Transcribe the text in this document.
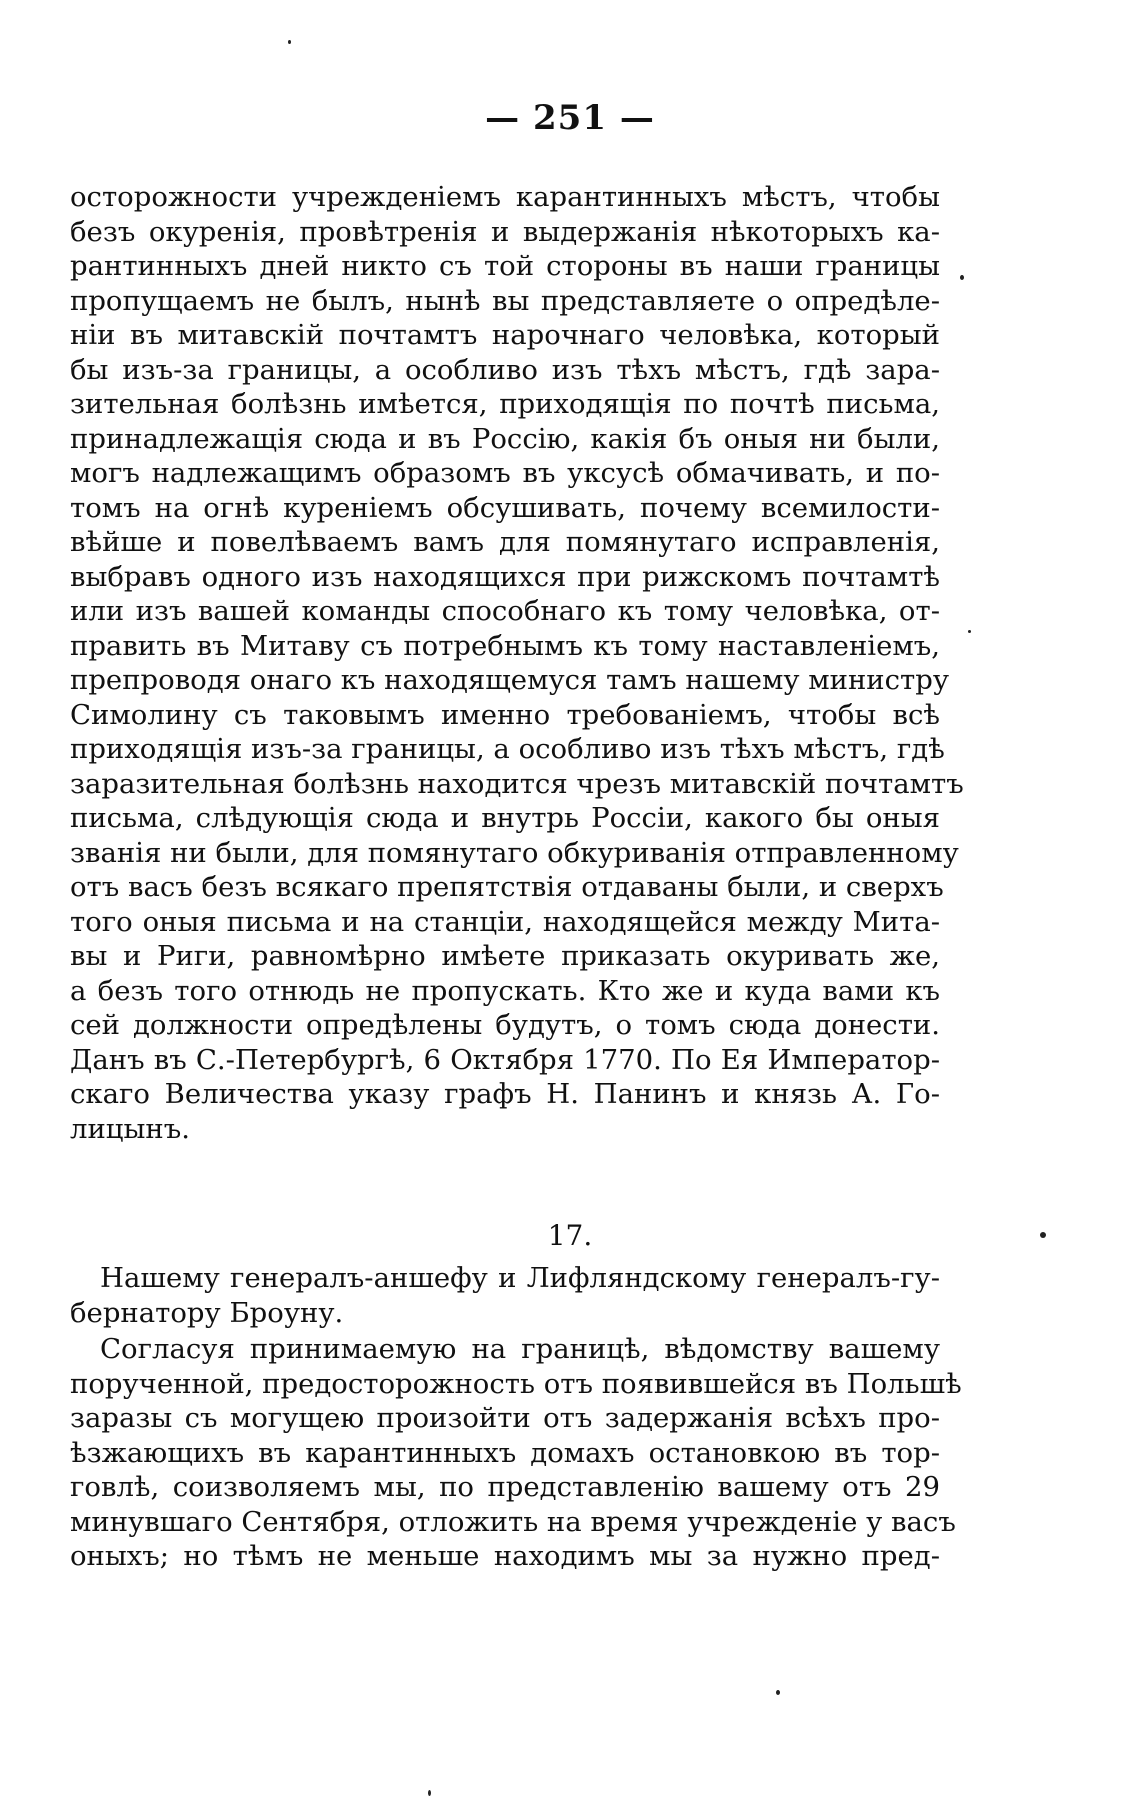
— 251 —
осторожности учрежденіемъ карантинныхъ мѣстъ, чтобы
безъ окуренія, провѣтренія и выдержанія нѣкоторыхъ ка-
рантинныхъ дней никто съ той стороны въ наши границы
пропущаемъ не былъ, нынѣ вы представляете о опредѣле-
ніи въ митавскій почтамтъ нарочнаго человѣка, который
бы изъ-за границы, а особливо изъ тѣхъ мѣстъ, гдѣ зара-
зительная болѣзнь имѣется, приходящія по почтѣ письма,
принадлежащія сюда и въ Россію, какія бъ оныя ни были,
могъ надлежащимъ образомъ въ уксусѣ обмачивать, и по-
томъ на огнѣ куреніемъ обсушивать, почему всемилости-
вѣйше и повелѣваемъ вамъ для помянутаго исправленія,
выбравъ одного изъ находящихся при рижскомъ почтамтѣ
или изъ вашей команды способнаго къ тому человѣка, от-
править въ Митаву съ потребнымъ къ тому наставленіемъ,
препроводя онаго къ находящемуся тамъ нашему министру
Симолину съ таковымъ именно требованіемъ, чтобы всѣ
приходящія изъ-за границы, а особливо изъ тѣхъ мѣстъ, гдѣ
заразительная болѣзнь находится чрезъ митавскій почтамтъ
письма, слѣдующія сюда и внутрь Россіи, какого бы оныя
званія ни были, для помянутаго обкуриванія отправленному
отъ васъ безъ всякаго препятствія отдаваны были, и сверхъ
того оныя письма и на станціи, находящейся между Мита-
вы и Риги, равномѣрно имѣете приказать окуривать же,
а безъ того отнюдь не пропускать. Кто же и куда вами къ
сей должности опредѣлены будутъ, о томъ сюда донести.
Данъ въ С.-Петербургѣ, 6 Октября 1770. По Ея Император-
скаго Величества указу графъ Н. Панинъ и князь А. Го-
лицынъ.
17.
Нашему генералъ-аншефу и Лифляндскому генералъ-гу-
бернатору Броуну.
Согласуя принимаемую на границѣ, вѣдомству вашему
порученной, предосторожность отъ появившейся въ Польшѣ
заразы съ могущею произойти отъ задержанія всѣхъ про-
ѣзжающихъ въ карантинныхъ домахъ остановкою въ тор-
говлѣ, соизволяемъ мы, по представленію вашему отъ 29
минувшаго Сентября, отложить на время учрежденіе у васъ
оныхъ; но тѣмъ не меньше находимъ мы за нужно пред-
